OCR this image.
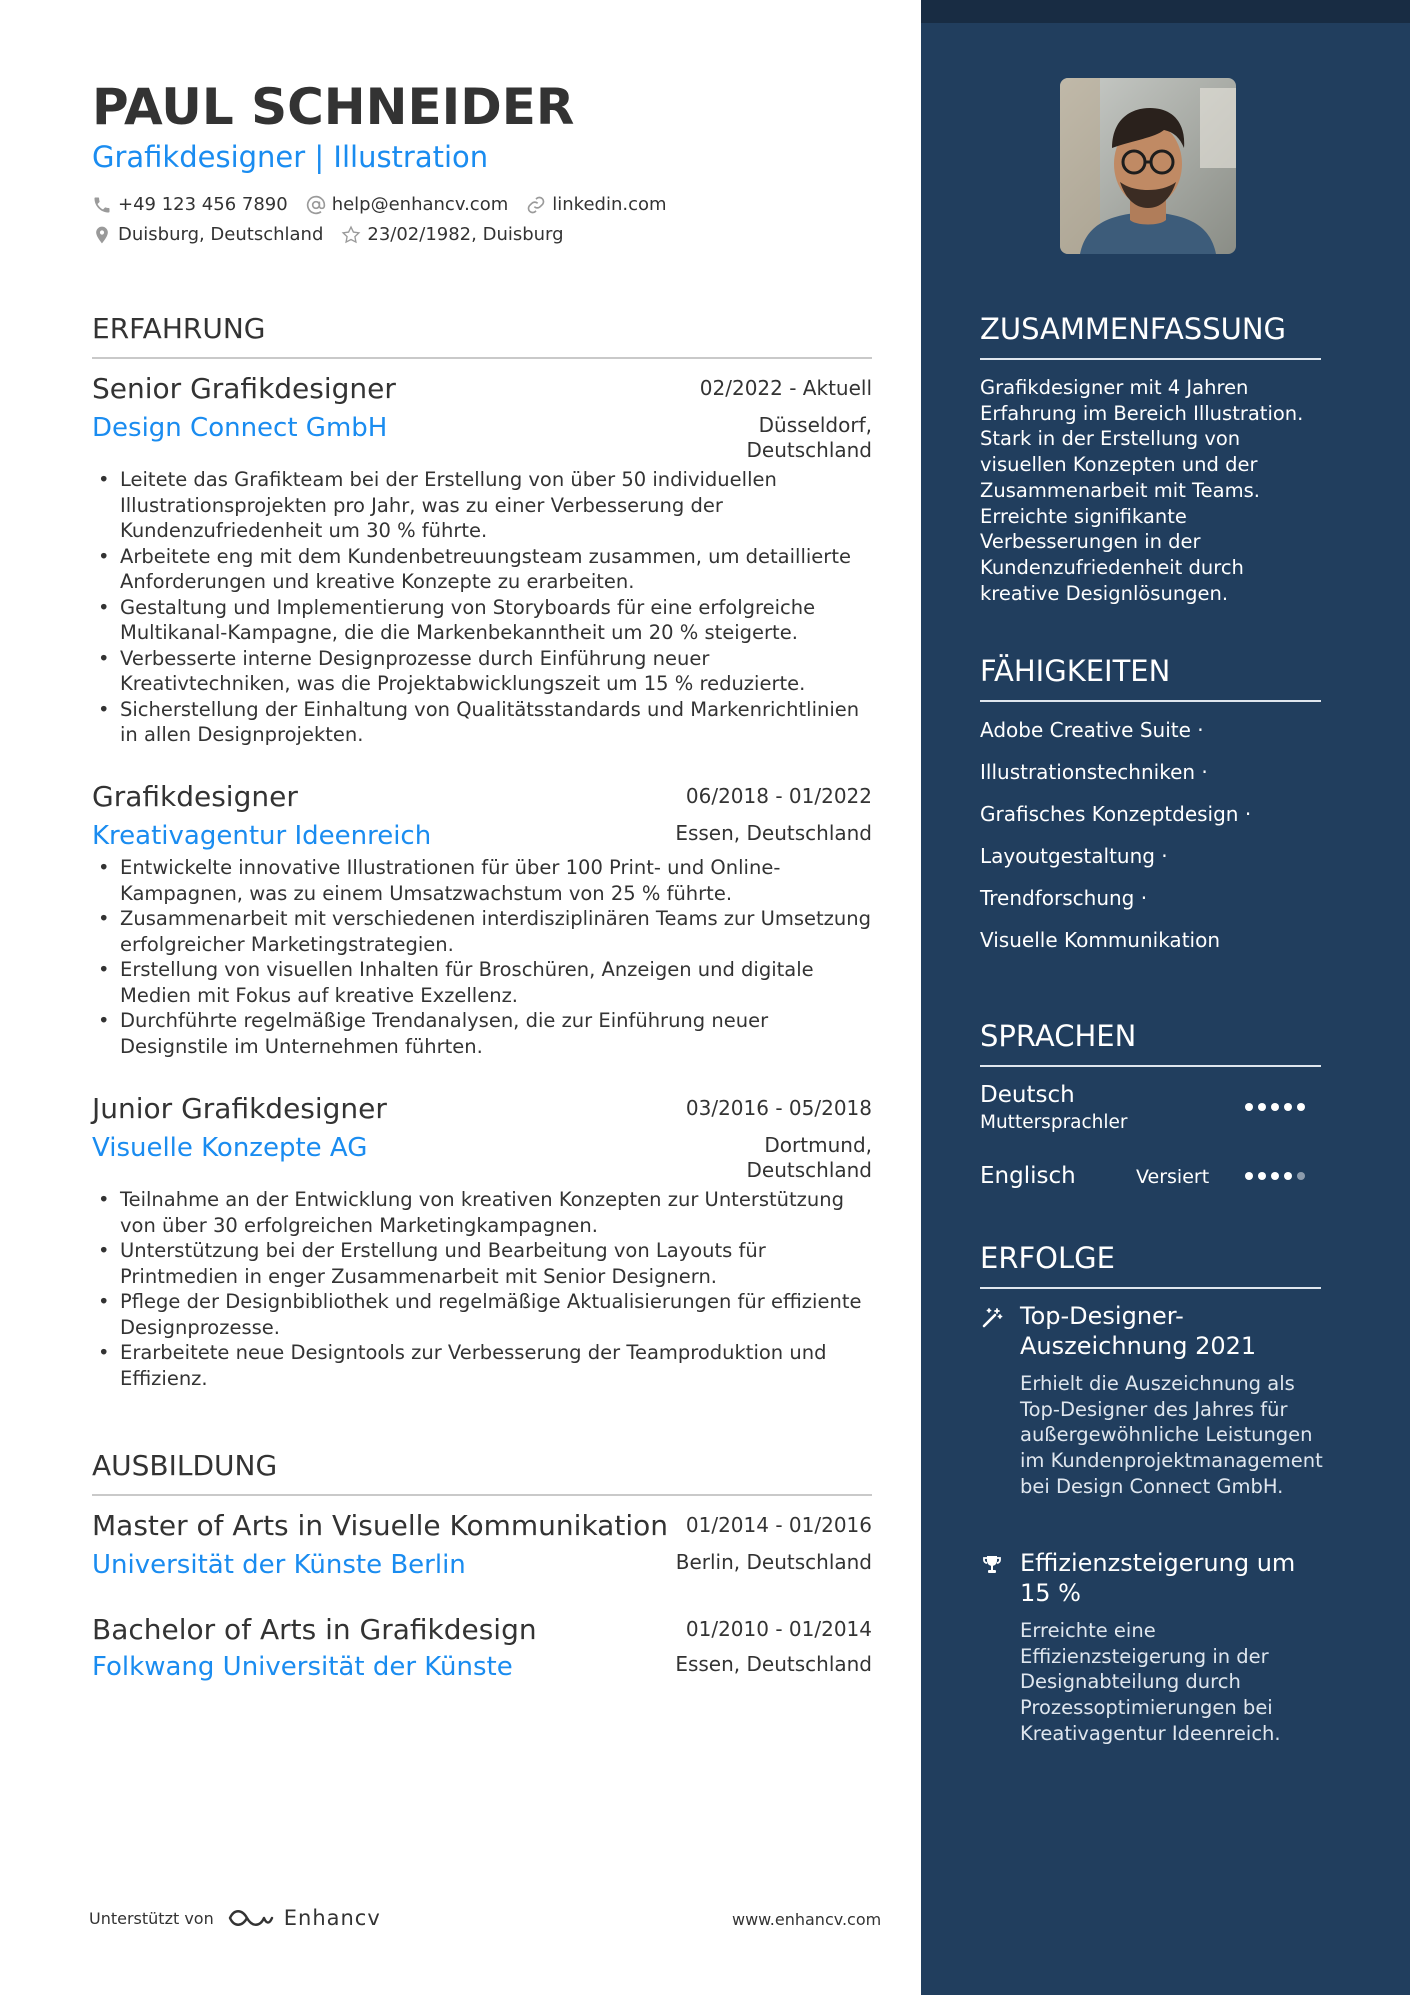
PAUL SCHNEIDER
Grafikdesigner | Illustration
+49 123 456 7890 help@enhancv.com linkedin.com
Duisburg, Deutschland 23/02/1982, Duisburg
ERFAHRUNG
Senior Grafikdesigner	02/2022 - Aktuell
Design Connect GmbH	Düsseldorf,
Deutschland
• Leitete das Grafikteam bei der Erstellung von über 50 individuellen Illustrationsprojekten pro Jahr, was zu einer Verbesserung der Kundenzufriedenheit um 30 % führte.
• Arbeitete eng mit dem Kundenbetreuungsteam zusammen, um detaillierte Anforderungen und kreative Konzepte zu erarbeiten.
• Gestaltung und Implementierung von Storyboards für eine erfolgreiche Multikanal-Kampagne, die die Markenbekanntheit um 20 % steigerte.
• Verbesserte interne Designprozesse durch Einführung neuer Kreativtechniken, was die Projektabwicklungszeit um 15 % reduzierte.
• Sicherstellung der Einhaltung von Qualitätsstandards und Markenrichtlinien in allen Designprojekten.
Grafikdesigner	06/2018 - 01/2022
Kreativagentur Ideenreich	Essen, Deutschland
• Entwickelte innovative Illustrationen für über 100 Print- und Online-Kampagnen, was zu einem Umsatzwachstum von 25 % führte.
• Zusammenarbeit mit verschiedenen interdisziplinären Teams zur Umsetzung erfolgreicher Marketingstrategien.
• Erstellung von visuellen Inhalten für Broschüren, Anzeigen und digitale Medien mit Fokus auf kreative Exzellenz.
• Durchführte regelmäßige Trendanalysen, die zur Einführung neuer Designstile im Unternehmen führten.
Junior Grafikdesigner	03/2016 - 05/2018
Visuelle Konzepte AG	Dortmund,
Deutschland
• Teilnahme an der Entwicklung von kreativen Konzepten zur Unterstützung von über 30 erfolgreichen Marketingkampagnen.
• Unterstützung bei der Erstellung und Bearbeitung von Layouts für Printmedien in enger Zusammenarbeit mit Senior Designern.
• Pflege der Designbibliothek und regelmäßige Aktualisierungen für effiziente Designprozesse.
• Erarbeitete neue Designtools zur Verbesserung der Teamproduktion und Effizienz.
AUSBILDUNG
Master of Arts in Visuelle Kommunikation 01/2014 - 01/2016
Universität der Künste Berlin	Berlin, Deutschland
Bachelor of Arts in Grafikdesign	01/2010 - 01/2014
Folkwang Universität der Künste	Essen, Deutschland
Unterstützt von	Enhancv	www.enhancv.com
ZUSAMMENFASSUNG
Grafikdesigner mit 4 Jahren Erfahrung im Bereich Illustration. Stark in der Erstellung von visuellen Konzepten und der Zusammenarbeit mit Teams. Erreichte signifikante Verbesserungen in der Kundenzufriedenheit durch kreative Designlösungen.
FÄHIGKEITEN
Adobe Creative Suite ·
Illustrationstechniken ·
Grafisches Konzeptdesign ·
Layoutgestaltung ·
Trendforschung ·
Visuelle Kommunikation
SPRACHEN
Deutsch
Muttersprachler
Englisch	Versiert
ERFOLGE
Top-Designer-Auszeichnung 2021
Erhielt die Auszeichnung als Top-Designer des Jahres für außergewöhnliche Leistungen im Kundenprojektmanagement bei Design Connect GmbH.
Effizienzsteigerung um 15 %
Erreichte eine Effizienzsteigerung in der Designabteilung durch Prozessoptimierungen bei Kreativagentur Ideenreich.
